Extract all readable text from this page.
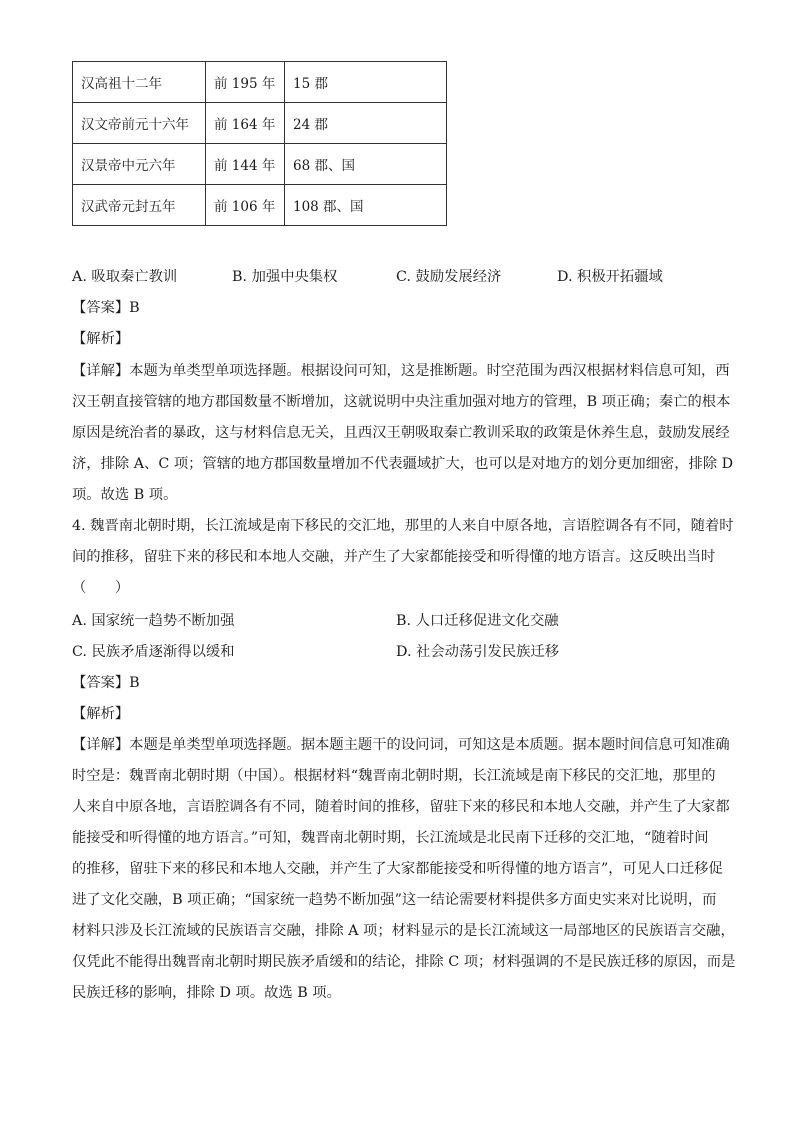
汉高祖十二年	前 195 年	15 郡
汉文帝前元十六年	前 164 年	24 郡
汉景帝中元六年	前 144 年	68 郡、国
汉武帝元封五年	前 106 年	108 郡、国
A. 吸取秦亡教训	B. 加强中央集权	C. 鼓励发展经济	D. 积极开拓疆域
【答案】B
【解析】
【详解】本题为单类型单项选择题。根据设问可知，这是推断题。时空范围为西汉根据材料信息可知，西
汉王朝直接管辖的地方郡国数量不断增加，这就说明中央注重加强对地方的管理，B 项正确；秦亡的根本
原因是统治者的暴政，这与材料信息无关，且西汉王朝吸取秦亡教训采取的政策是休养生息，鼓励发展经
济，排除 A、C 项；管辖的地方郡国数量增加不代表疆域扩大，也可以是对地方的划分更加细密，排除 D
项。故选 B 项。
4. 魏晋南北朝时期，长江流域是南下移民的交汇地，那里的人来自中原各地，言语腔调各有不同，随着时
间的推移，留驻下来的移民和本地人交融，并产生了大家都能接受和听得懂的地方语言。这反映出当时
（　　）
A. 国家统一趋势不断加强	B. 人口迁移促进文化交融
C. 民族矛盾逐渐得以缓和	D. 社会动荡引发民族迁移
【答案】B
【解析】
【详解】本题是单类型单项选择题。据本题主题干的设问词，可知这是本质题。据本题时间信息可知准确
时空是：魏晋南北朝时期（中国）。根据材料“魏晋南北朝时期，长江流域是南下移民的交汇地，那里的
人来自中原各地，言语腔调各有不同，随着时间的推移，留驻下来的移民和本地人交融，并产生了大家都
能接受和听得懂的地方语言。”可知，魏晋南北朝时期，长江流域是北民南下迁移的交汇地，“随着时间
的推移，留驻下来的移民和本地人交融，并产生了大家都能接受和听得懂的地方语言”，可见人口迁移促
进了文化交融，B 项正确；“国家统一趋势不断加强”这一结论需要材料提供多方面史实来对比说明，而
材料只涉及长江流域的民族语言交融，排除 A 项；材料显示的是长江流域这一局部地区的民族语言交融，
仅凭此不能得出魏晋南北朝时期民族矛盾缓和的结论，排除 C 项；材料强调的不是民族迁移的原因，而是
民族迁移的影响，排除 D 项。故选 B 项。
